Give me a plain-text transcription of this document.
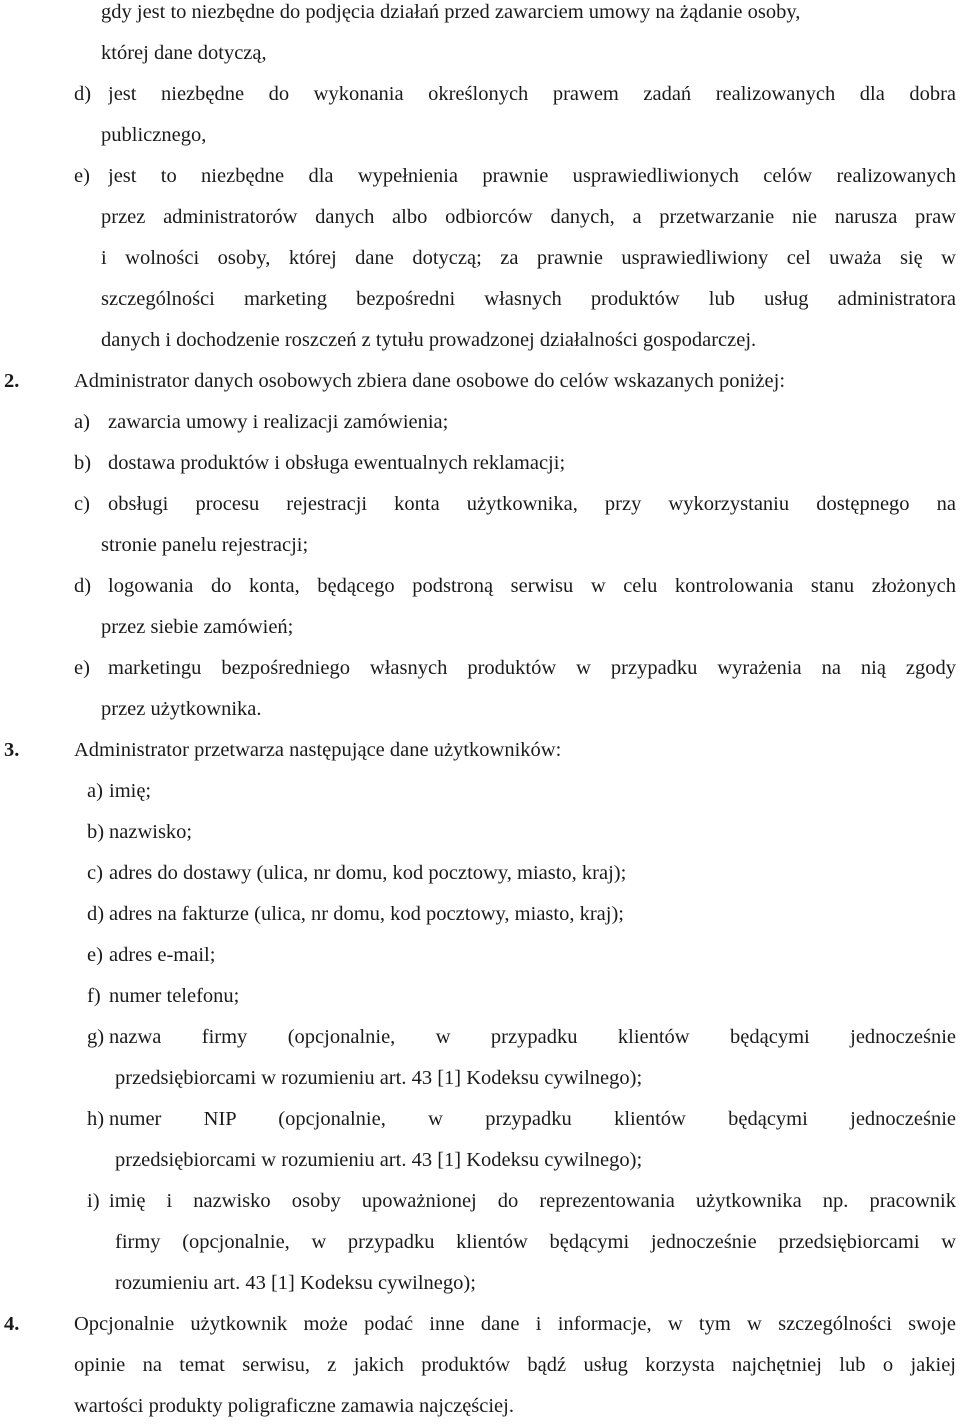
gdy jest to niezbędne do podjęcia działań przed zawarciem umowy na żądanie osoby,
której dane dotyczą,
d) jest niezbędne do wykonania określonych prawem zadań realizowanych dla dobra
publicznego,
e) jest to niezbędne dla wypełnienia prawnie usprawiedliwionych celów realizowanych
przez administratorów danych albo odbiorców danych, a przetwarzanie nie narusza praw
i wolności osoby, której dane dotyczą; za prawnie usprawiedliwiony cel uważa się w
szczególności marketing bezpośredni własnych produktów lub usług administratora
danych i dochodzenie roszczeń z tytułu prowadzonej działalności gospodarczej.
2.	Administrator danych osobowych zbiera dane osobowe do celów wskazanych poniżej:
a) zawarcia umowy i realizacji zamówienia;
b) dostawa produktów i obsługa ewentualnych reklamacji;
c) obsługi procesu rejestracji konta użytkownika, przy wykorzystaniu dostępnego na
stronie panelu rejestracji;
d) logowania do konta, będącego podstroną serwisu w celu kontrolowania stanu złożonych
przez siebie zamówień;
e) marketingu bezpośredniego własnych produktów w przypadku wyrażenia na nią zgody
przez użytkownika.
3.	Administrator przetwarza następujące dane użytkowników:
a) imię;
b) nazwisko;
c) adres do dostawy (ulica, nr domu, kod pocztowy, miasto, kraj);
d) adres na fakturze (ulica, nr domu, kod pocztowy, miasto, kraj);
e) adres e-mail;
f) numer telefonu;
g) nazwa firmy (opcjonalnie, w przypadku klientów będącymi jednocześnie
przedsiębiorcami w rozumieniu art. 43 [1] Kodeksu cywilnego);
h) numer NIP (opcjonalnie, w przypadku klientów będącymi jednocześnie
przedsiębiorcami w rozumieniu art. 43 [1] Kodeksu cywilnego);
i) imię i nazwisko osoby upoważnionej do reprezentowania użytkownika np. pracownik
firmy (opcjonalnie, w przypadku klientów będącymi jednocześnie przedsiębiorcami w
rozumieniu art. 43 [1] Kodeksu cywilnego);
4.	Opcjonalnie użytkownik może podać inne dane i informacje, w tym w szczególności swoje
opinie na temat serwisu, z jakich produktów bądź usług korzysta najchętniej lub o jakiej
wartości produkty poligraficzne zamawia najczęściej.
